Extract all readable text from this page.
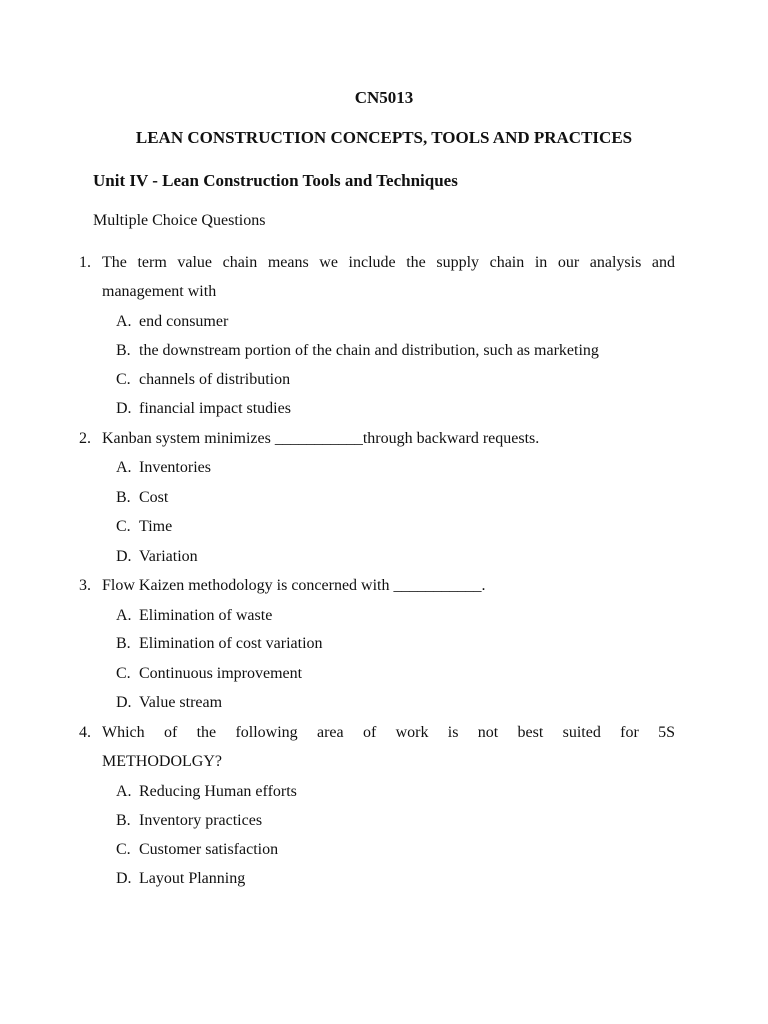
CN5013
LEAN CONSTRUCTION CONCEPTS, TOOLS AND PRACTICES
Unit IV - Lean Construction Tools and Techniques
Multiple Choice Questions
1. The term value chain means we include the supply chain in our analysis and
management with
A. end consumer
B. the downstream portion of the chain and distribution, such as marketing
C. channels of distribution
D. financial impact studies
2. Kanban system minimizes ___________through backward requests.
A. Inventories
B. Cost
C. Time
D. Variation
3. Flow Kaizen methodology is concerned with ___________.
A. Elimination of waste
B. Elimination of cost variation
C. Continuous improvement
D. Value stream
4. Which of the following area of work is not best suited for 5S
METHODOLGY?
A. Reducing Human efforts
B. Inventory practices
C. Customer satisfaction
D. Layout Planning
